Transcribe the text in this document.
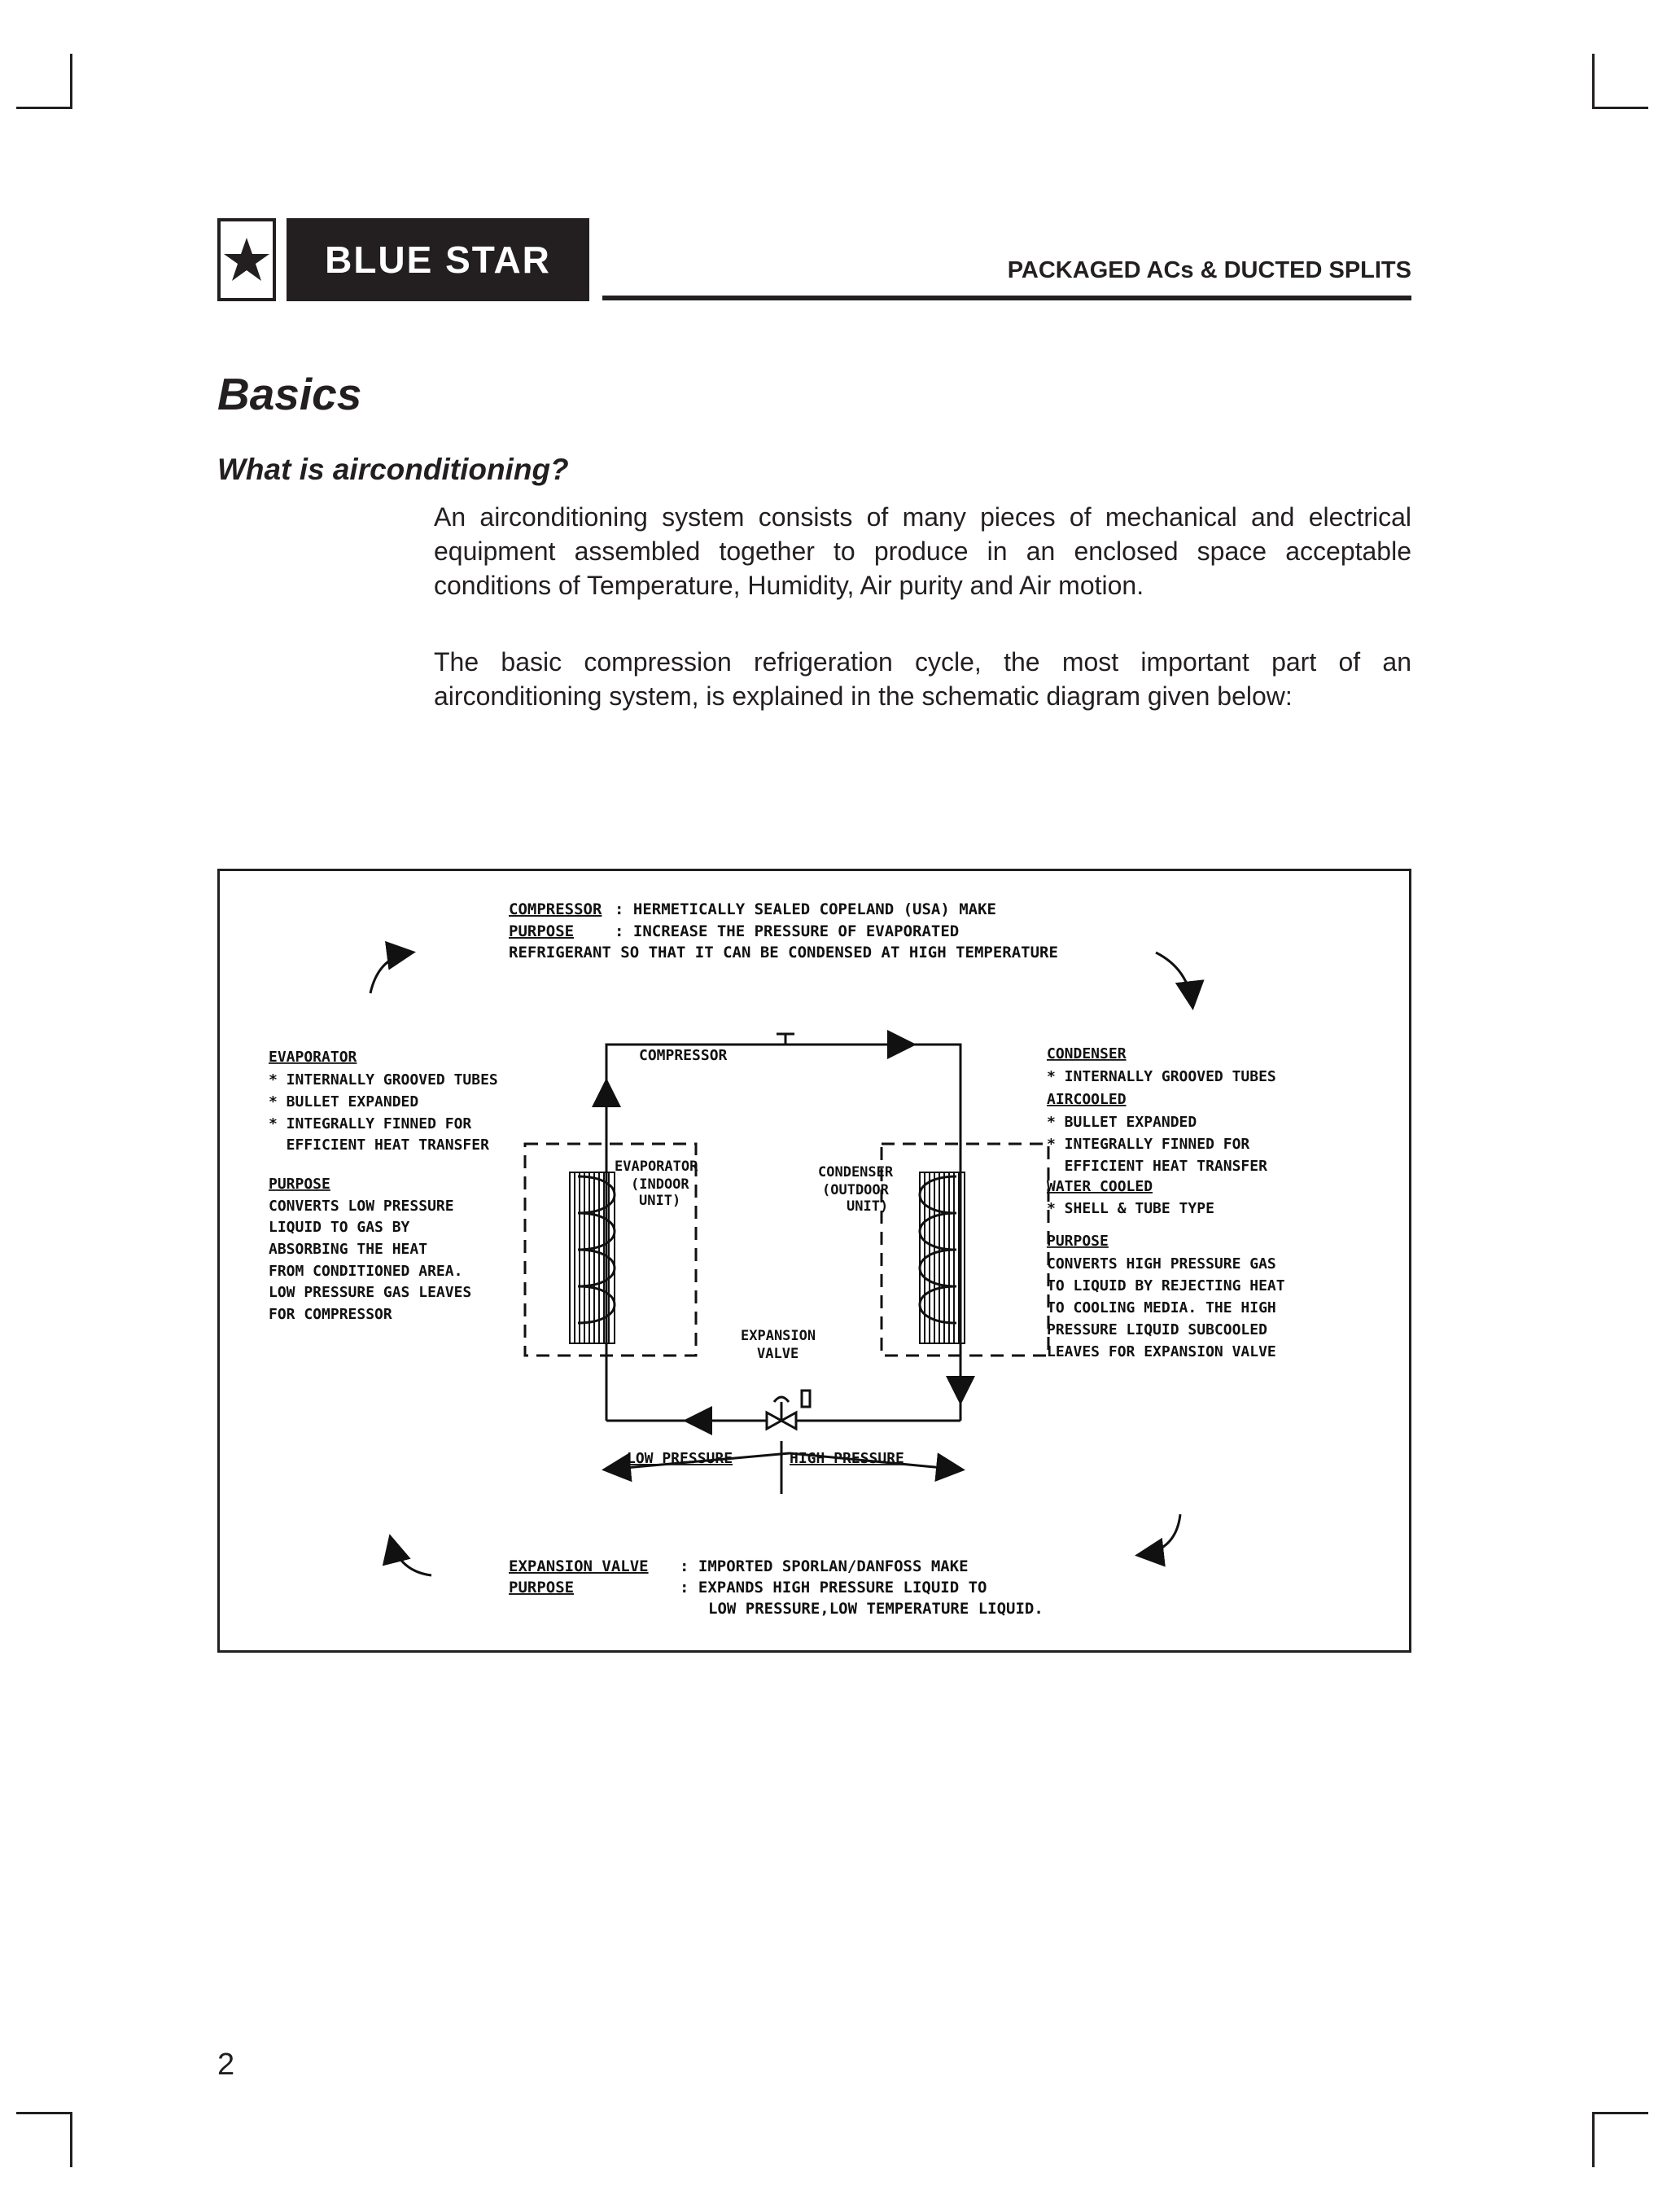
BLUE STAR	PACKAGED ACs & DUCTED SPLITS
Basics
What is airconditioning?
An airconditioning system consists of many pieces of mechanical and electrical equipment assembled together to produce in an enclosed space acceptable conditions of Temperature, Humidity, Air purity and Air motion.
The basic compression refrigeration cycle, the most important part of an airconditioning system, is explained in the schematic diagram given below:
COMPRESSOR : HERMETICALLY SEALED COPELAND (USA) MAKE
PURPOSE	: INCREASE THE PRESSURE OF EVAPORATED
REFRIGERANT SO THAT IT CAN BE CONDENSED AT HIGH TEMPERATURE
EVAPORATOR
* INTERNALLY GROOVED TUBES
* BULLET EXPANDED
* INTEGRALLY FINNED FOR
EFFICIENT HEAT TRANSFER
PURPOSE
CONVERTS LOW PRESSURE
LIQUID TO GAS BY
ABSORBING THE HEAT
FROM CONDITIONED AREA.
LOW PRESSURE GAS LEAVES
FOR COMPRESSOR
CONDENSER
* INTERNALLY GROOVED TUBES
AIRCOOLED
* BULLET EXPANDED
* INTEGRALLY FINNED FOR
EFFICIENT HEAT TRANSFER
WATER COOLED
* SHELL & TUBE TYPE
PURPOSE
CONVERTS HIGH PRESSURE GAS
TO LIQUID BY REJECTING HEAT
TO COOLING MEDIA. THE HIGH
PRESSURE LIQUID SUBCOOLED
LEAVES FOR EXPANSION VALVE
COMPRESSOR
EVAPORATOR
(INDOOR
UNIT)
CONDENSER
(OUTDOOR
UNIT)
EXPANSION
VALVE
LOW PRESSURE	HIGH PRESSURE
EXPANSION VALVE : IMPORTED SPORLAN/DANFOSS MAKE
PURPOSE	: EXPANDS HIGH PRESSURE LIQUID TO
LOW PRESSURE,LOW TEMPERATURE LIQUID.
2
